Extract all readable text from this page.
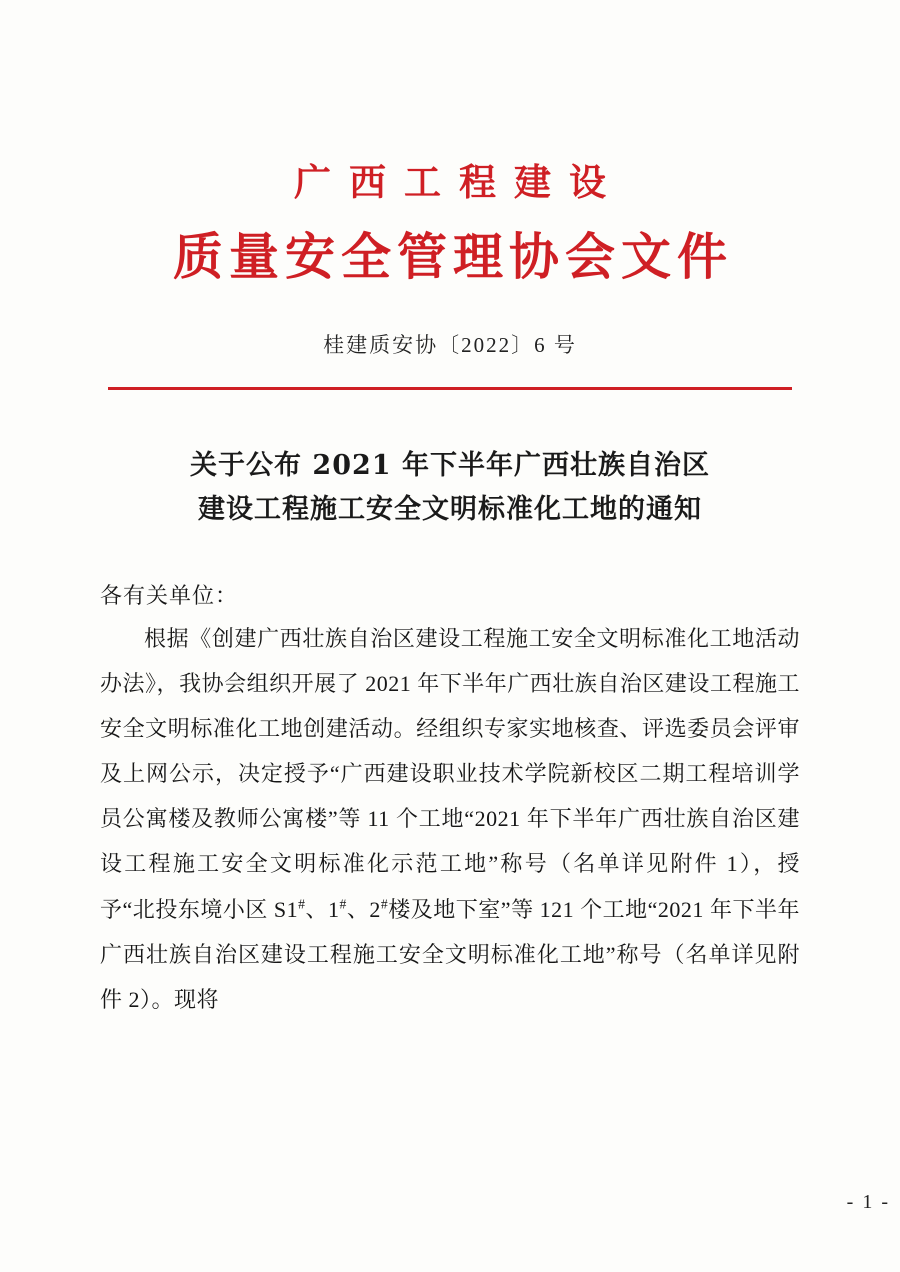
广西工程建设
质量安全管理协会文件
桂建质安协〔2022〕6 号
关于公布 2021 年下半年广西壮族自治区
建设工程施工安全文明标准化工地的通知
各有关单位：
根据《创建广西壮族自治区建设工程施工安全文明标准化工地活动办法》，我协会组织开展了 2021 年下半年广西壮族自治区建设工程施工安全文明标准化工地创建活动。经组织专家实地核查、评选委员会评审及上网公示，决定授予“广西建设职业技术学院新校区二期工程培训学员公寓楼及教师公寓楼”等 11 个工地“2021 年下半年广西壮族自治区建设工程施工安全文明标准化示范工地”称号（名单详见附件 1），授予“北投东境小区 S1#、1#、2#楼及地下室”等 121 个工地“2021 年下半年广西壮族自治区建设工程施工安全文明标准化工地”称号（名单详见附件 2）。现将
- 1 -
